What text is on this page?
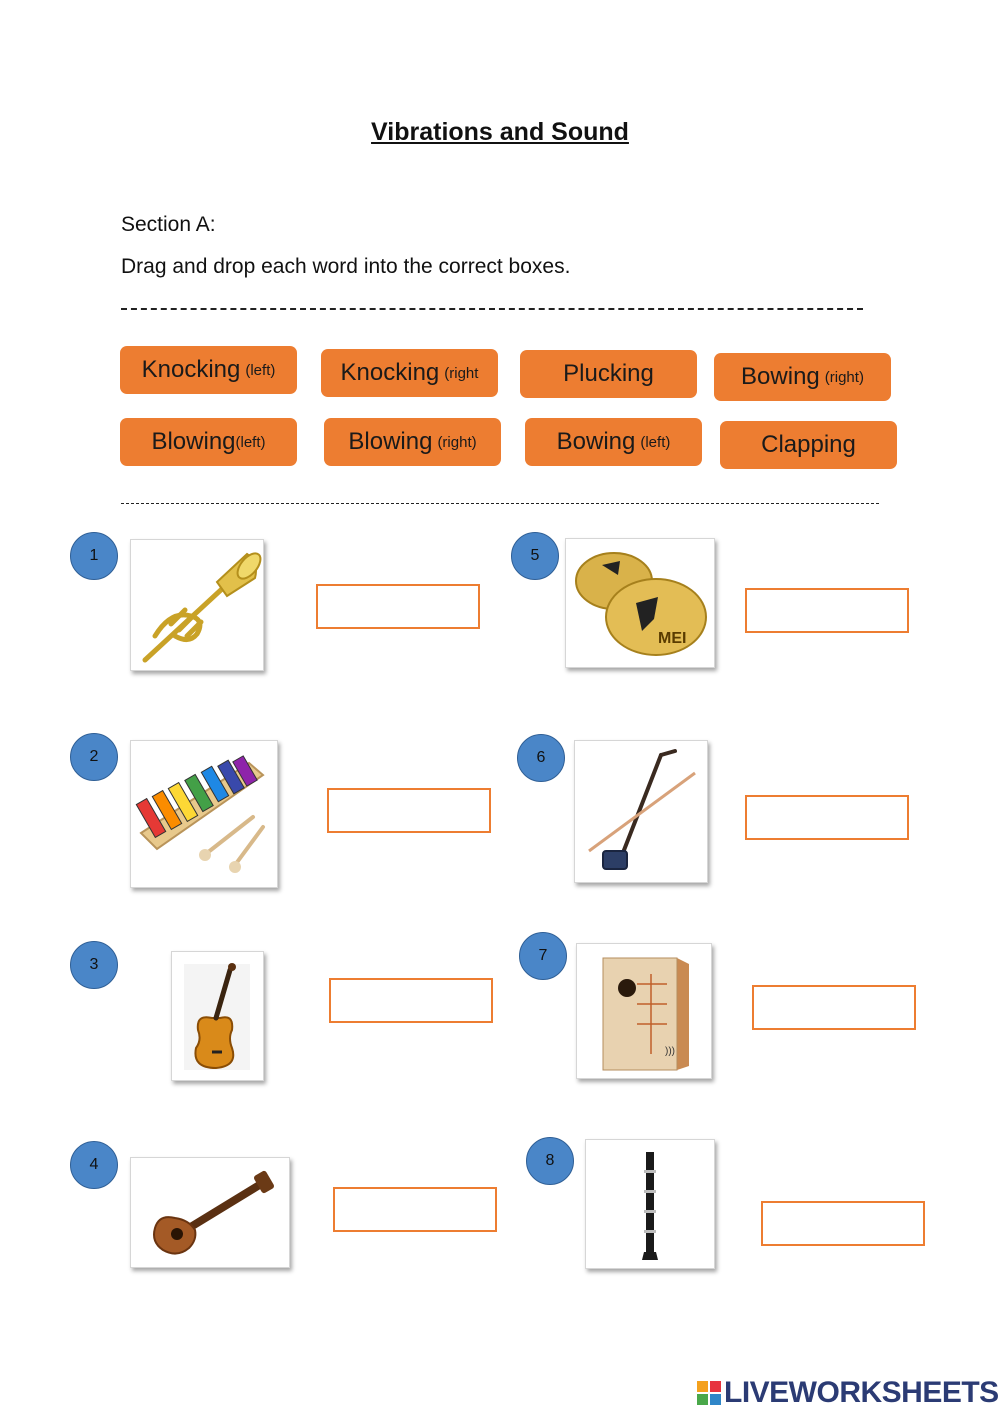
Vibrations and Sound
Section A:
Drag and drop each word into the correct boxes.
Knocking (left)	Knocking (right	Plucking	Bowing (right)
Blowing (left)	Blowing (right)	Bowing (left)	Clapping
1
2
3
4
5
MEI
6
7
)))
8
LIVEWORKSHEETS
